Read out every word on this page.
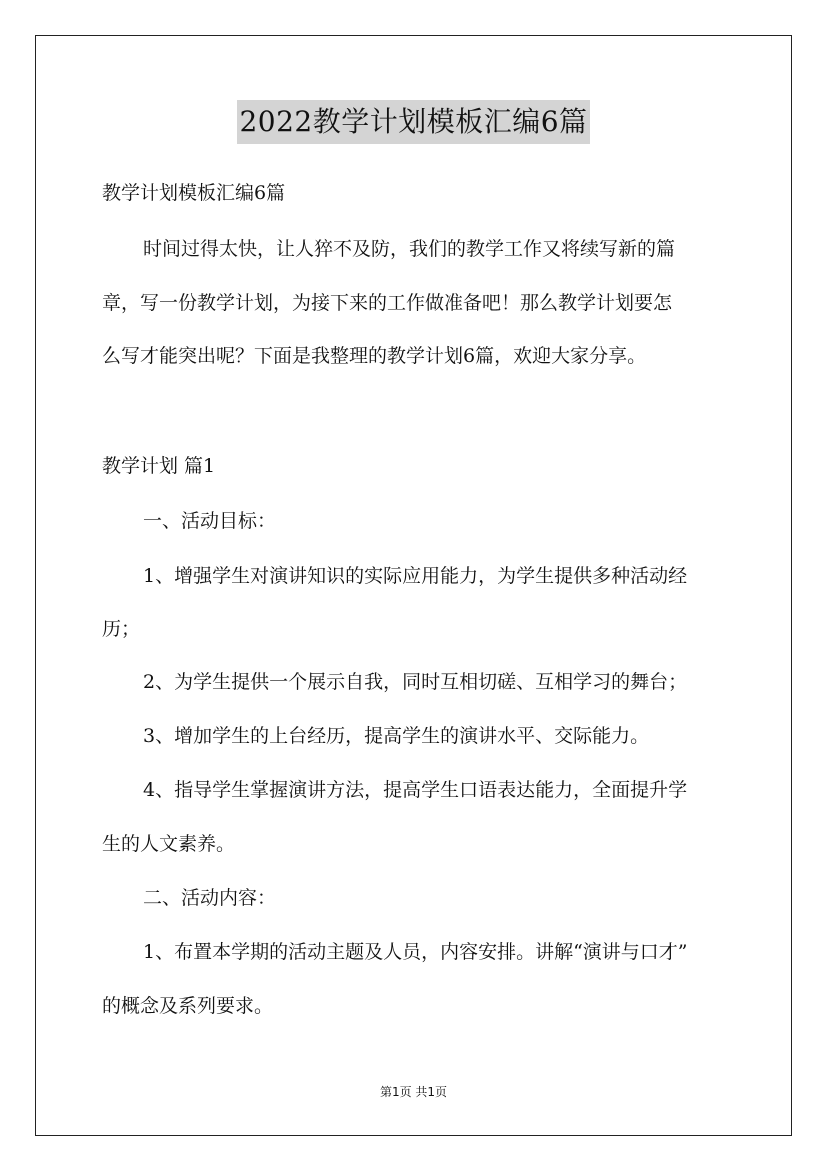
2022教学计划模板汇编6篇
教学计划模板汇编6篇
时间过得太快，让人猝不及防，我们的教学工作又将续写新的篇
章，写一份教学计划，为接下来的工作做准备吧！那么教学计划要怎
么写才能突出呢？下面是我整理的教学计划6篇，欢迎大家分享。
教学计划 篇1
一、活动目标：
1、增强学生对演讲知识的实际应用能力，为学生提供多种活动经
历；
2、为学生提供一个展示自我，同时互相切磋、互相学习的舞台；
3、增加学生的上台经历，提高学生的演讲水平、交际能力。
4、指导学生掌握演讲方法，提高学生口语表达能力，全面提升学
生的人文素养。
二、活动内容：
1、布置本学期的活动主题及人员，内容安排。讲解“演讲与口才”
的概念及系列要求。
第1页 共1页
